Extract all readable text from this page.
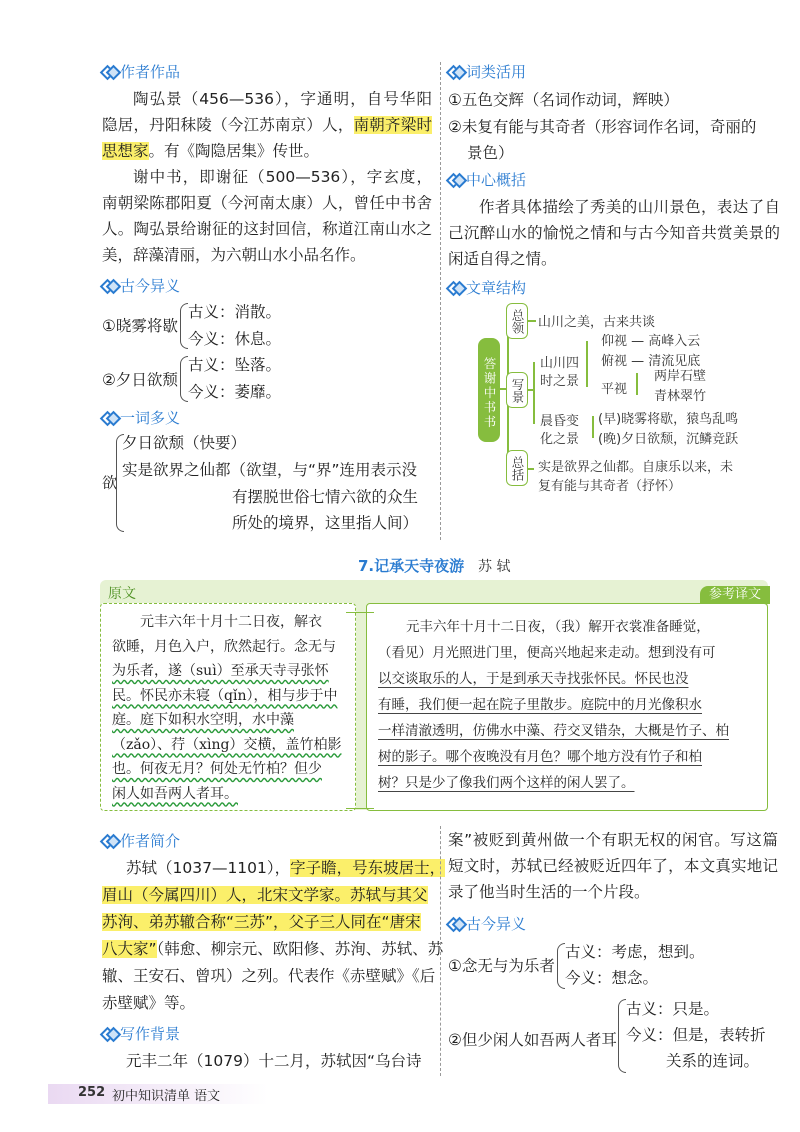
作者作品
陶弘景（456—536），字通明，自号华阳隐居，丹阳秣陵（今江苏南京）人，南朝齐梁时思想家。有《陶隐居集》传世。
谢中书，即谢征（500—536），字玄度，南朝梁陈郡阳夏（今河南太康）人，曾任中书舍人。陶弘景给谢征的这封回信，称道江南山水之美，辞藻清丽，为六朝山水小品名作。
古今异义
①晓雾将歇
古义：消散。
今义：休息。
②夕日欲颓
古义：坠落。
今义：萎靡。
一词多义
欲
夕日欲颓（快要）
实是欲界之仙都（欲望，与“界”连用表示没
有摆脱世俗七情六欲的众生
所处的境界，这里指人间）
词类活用
①五色交辉（名词作动词，辉映）
②未复有能与其奇者（形容词作名词，奇丽的
景色）
中心概括
作者具体描绘了秀美的山川景色，表达了自己沉醉山水的愉悦之情和与古今知音共赏美景的闲适自得之情。
文章结构
答谢中书书
总领
写景
总括
山川之美，古来共谈
山川四
时之景
晨昏变
化之景
仰视 — 高峰入云
俯视 — 清流见底
平视
两岸石壁
青林翠竹
(早)晓雾将歇，猿鸟乱鸣
(晚)夕日欲颓，沉鳞竞跃
实是欲界之仙都。自康乐以来，未
复有能与其奇者（抒怀）
7.记承天寺夜游 苏 轼
原文	参考译文
元丰六年十月十二日夜，解衣
欲睡，月色入户，欣然起行。念无与
为乐者，遂（suì）至承天寺寻张怀
民。怀民亦未寝（qǐn），相与步于中
庭。庭下如积水空明，水中藻
（zǎo）、荇（xìng）交横，盖竹柏影
也。何夜无月？何处无竹柏？但少
闲人如吾两人者耳。
元丰六年十月十二日夜，（我）解开衣裳准备睡觉，
（看见）月光照进门里，便高兴地起来走动。想到没有可
以交谈取乐的人，于是到承天寺找张怀民。怀民也没
有睡，我们便一起在院子里散步。庭院中的月光像积水
一样清澈透明，仿佛水中藻、荇交叉错杂，大概是竹子、柏
树的影子。哪个夜晚没有月色？哪个地方没有竹子和柏
树？只是少了像我们两个这样的闲人罢了。
作者简介
苏轼（1037—1101），字子瞻，号东坡居士，
眉山（今属四川）人，北宋文学家。苏轼与其父
苏洵、弟苏辙合称“三苏”，父子三人同在“唐宋
八大家”（韩愈、柳宗元、欧阳修、苏洵、苏轼、苏
辙、王安石、曾巩）之列。代表作《赤壁赋》《后
赤壁赋》等。
写作背景
元丰二年（1079）十二月，苏轼因“乌台诗
案”被贬到黄州做一个有职无权的闲官。写这篇短文时，苏轼已经被贬近四年了，本文真实地记录了他当时生活的一个片段。
古今异义
①念无与为乐者
古义：考虑，想到。
今义：想念。
②但少闲人如吾两人者耳
古义：只是。
今义：但是，表转折
关系的连词。
252 初中知识清单 语文
